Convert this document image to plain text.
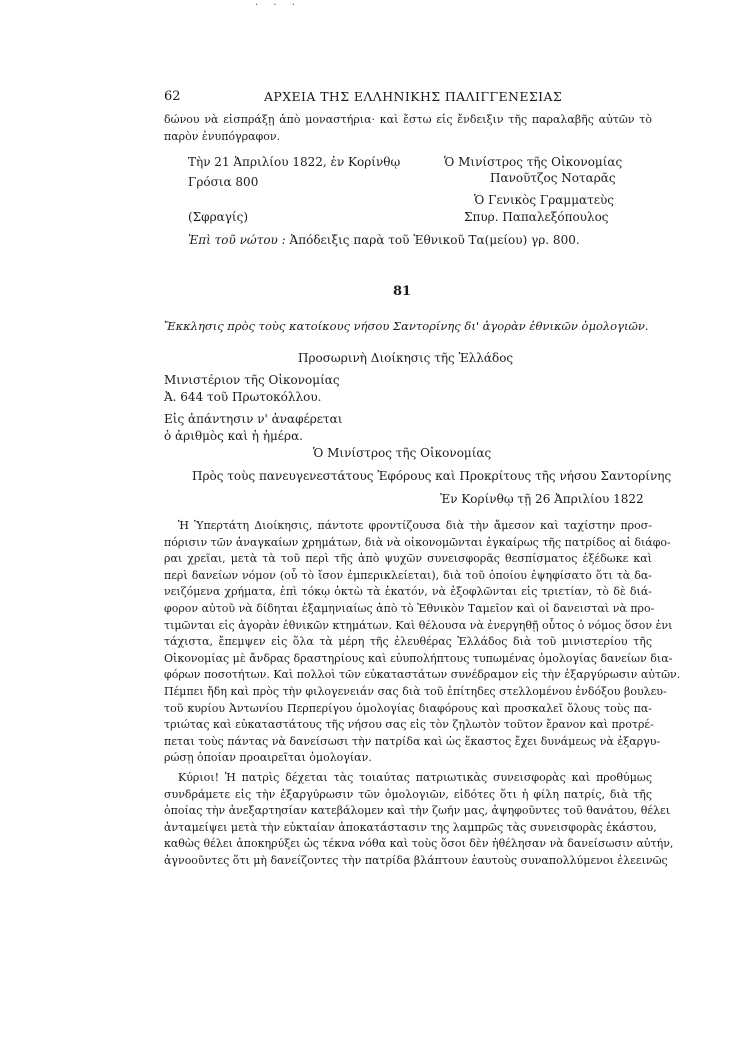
· · ·
62	ΑΡΧΕΙΑ ΤΗΣ ΕΛΛΗΝΙΚΗΣ ΠΑΛΙΓΓΕΝΕΣΙΑΣ
δώνου νὰ εἰσπράξῃ ἀπὸ μοναστήρια· καὶ ἔστω εἰς ἔνδειξιν τῆς παραλαβῆς αὐτῶν τὸ
παρὸν ἐνυπόγραφον.
Τὴν 21 Ἀπριλίου 1822, ἐν Κορίνθῳ
Γρόσια 800
Ὁ Μινίστρος τῆς Οἰκονομίας
Πανοῦτζος Νοταρᾶς
Ὁ Γενικὸς Γραμματεὺς
Σπυρ. Παπαλεξόπουλος
(Σφραγίς)
Ἐπὶ τοῦ νώτου : Ἀπόδειξις παρὰ τοῦ Ἐθνικοῦ Τα(μείου) γρ. 800.
81
Ἔκκλησις πρὸς τοὺς κατοίκους νήσου Σαντορίνης δι' ἀγορὰν ἐθνικῶν ὁμολογιῶν.
Προσωρινὴ Διοίκησις τῆς Ἑλλάδος
Μινιστέριον τῆς Οἰκονομίας
Ἀ. 644 τοῦ Πρωτοκόλλου.
Εἰς ἀπάντησιν ν' ἀναφέρεται
ὁ ἀριθμὸς καὶ ἡ ἡμέρα.
Ὁ Μινίστρος τῆς Οἰκονομίας
Πρὸς τοὺς πανευγενεστάτους Ἐφόρους καὶ Προκρίτους τῆς νήσου Σαντορίνης
Ἐν Κορίνθῳ τῇ 26 Ἀπριλίου 1822
Ἡ Ὑπερτάτη Διοίκησις, πάντοτε φροντίζουσα διὰ τὴν ἄμεσον καὶ ταχίστην προσ-
πόρισιν τῶν ἀναγκαίων χρημάτων, διὰ νὰ οἰκονομῶνται ἐγκαίρως τῆς πατρίδος αἱ διάφο-
ραι χρεῖαι, μετὰ τὰ τοῦ περὶ τῆς ἀπὸ ψυχῶν συνεισφορᾶς θεσπίσματος ἐξέδωκε καὶ
περὶ δανείων νόμον (οὗ τὸ ἴσον ἐμπερικλείεται), διὰ τοῦ ὁποίου ἐψηφίσατο ὅτι τὰ δα-
νειζόμενα χρήματα, ἐπὶ τόκῳ ὀκτὼ τὰ ἑκατόν, νὰ ἐξοφλῶνται εἰς τριετίαν, τὸ δὲ διά-
φορον αὐτοῦ νὰ δίδηται ἑξαμηνιαίως ἀπὸ τὸ Ἐθνικὸν Ταμεῖον καὶ οἱ δανεισταὶ νὰ προ-
τιμῶνται εἰς ἀγορὰν ἐθνικῶν κτημάτων. Καὶ θέλουσα νὰ ἐνεργηθῇ οὗτος ὁ νόμος ὅσον ἐνι
τάχιστα, ἔπεμψεν εἰς ὅλα τὰ μέρη τῆς ἐλευθέρας Ἑλλάδος διὰ τοῦ μινιστερίου τῆς
Οἰκονομίας μὲ ἄνδρας δραστηρίους καὶ εὐυπολήπτους τυπωμένας ὁμολογίας δανείων δια-
φόρων ποσοτήτων. Καὶ πολλοὶ τῶν εὐκαταστάτων συνέδραμον εἰς τὴν ἐξαργύρωσιν αὐτῶν.
Πέμπει ἤδη καὶ πρὸς τὴν φιλογενειάν σας διὰ τοῦ ἐπίτηδες στελλομένου ἐνδόξου βουλευ-
τοῦ κυρίου Ἀντωνίου Περπερίγου ὁμολογίας διαφόρους καὶ προσκαλεῖ ὅλους τοὺς πα-
τριώτας καὶ εὐκαταστάτους τῆς νήσου σας εἰς τὸν ζηλωτὸν τοῦτον ἔρανον καὶ προτρέ-
πεται τοὺς πάντας νὰ δανείσωσι τὴν πατρίδα καὶ ὡς ἕκαστος ἔχει δυνάμεως νὰ ἐξαργυ-
ρώσῃ ὁποίαν προαιρεῖται ὁμολογίαν.
Κύριοι! Ἡ πατρὶς δέχεται τὰς τοιαύτας πατριωτικὰς συνεισφορὰς καὶ προθύμως
συνδράμετε εἰς τὴν ἐξαργύρωσιν τῶν ὁμολογιῶν, εἰδότες ὅτι ἡ φίλη πατρίς, διὰ τῆς
ὁποίας τὴν ἀνεξαρτησίαν κατεβάλομεν καὶ τὴν ζωήν μας, ἀψηφοῦντες τοῦ θανάτου, θέλει
ἀνταμείψει μετὰ τὴν εὐκταίαν ἀποκατάστασιν της λαμπρῶς τὰς συνεισφορὰς ἑκάστου,
καθὼς θέλει ἀποκηρύξει ὡς τέκνα νόθα καὶ τοὺς ὅσοι δὲν ἠθέλησαν νὰ δανείσωσιν αὐτήν,
ἀγνοοῦντες ὅτι μὴ δανείζοντες τὴν πατρίδα βλάπτουν ἑαυτοὺς συναπολλύμενοι ἐλεεινῶς
